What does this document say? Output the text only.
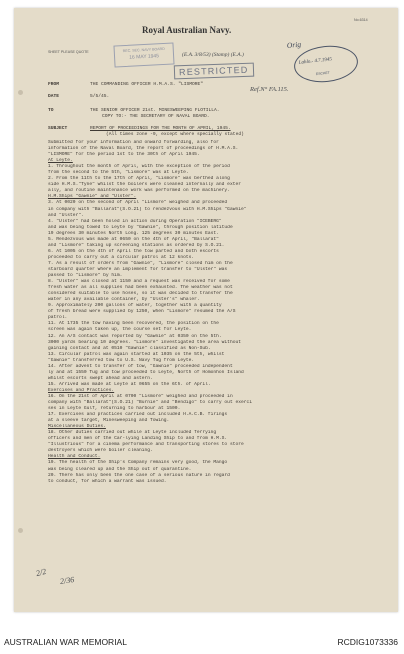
No.6314

Royal Australian Navy.

SHEET PLEASE QUOTE	REC. SEC. NAVY BOARD
16 MAY 1945
RESTRICTED

(E.A. 3/8/53) (Stamp) (E.A.)

Ref.N° FA.115.

Orig
Lahlo.- 4.7.1945
ESCHET

FROM	THE COMMANDING OFFICER H.M.A.S. "LISMORE"

DATE	5/5/45.

TO	THE SENIOR OFFICER 21st. MINESWEEPING FLOTILLA.

COPY TO:- THE SECRETARY OF NAVAL BOARD.

SUBJECT	REPORT OF PROCEEDINGS FOR THE MONTH OF APRIL, 1945.

(All times zone -9, except where specially stated)

Submitted for your information and onward forwarding, also for
information of the Naval Board, the report of proceedings of H.M.A.S.
"LISMORE" for the period 1st to the 30th of April 1945.
At Leyte.
1. Throughout the month of April, with the exception of the period
from the second to the 5th, "Lismore" was at Leyte.
2. From the 11th to the 17th of April, "Lismore" was berthed along
side H.M.S."Tyne" whilst the boilers were cleaned internally and exter
ally, and routine maintenance work was performed on the machinery.
H.M.Ships "Gawnie" and "Ulster".
3. At 0020 on the second of April "Lismore" weighed and proceeded
in company with "Ballarat"(S.O.21) to rendezvous with H.M.Ships "Gawnie"
and "Ulster".
4. "Ulster" had been holed in action during Operation "ICEBERG"
and was being towed to Leyte by "Gawnie", through position latitude
19 degrees 30 minutes North Long. 125 degrees 30 minutes East.
5. Rendezvous was made at 0650 on the 4th of April, "Ballarat"
and "Lismore" taking up screening stations as ordered by S.O.21.
6. At 1005 on the 4th of April the tow parted and both escorts
proceeded to carry out a circular patrol at 12 knots.
7. As a result of orders from "Gawnie", "Lismore" closed him on the
starboard quarter where an implement for transfer to "Ulster" was
passed to "Lismore" by him.
8. "Ulster" was closed at 1150 and a request was received for some
fresh water as all supplies had been exhausted. The weather was not
considered suitable to use hoses, so it was decided to transfer the
water in any available container, by "Ulster's" whaler.
9. Approximately 200 gallons of water, together with a quantity
of fresh bread were supplied by 1250, when "Lismore" resumed the A/S
patrol.
11. At 1735 the tow having been recovered, the position on the
screen was again taken up, the course set for Leyte.
12. An A/S contact was reported by "Gawnie" at 0350 on the 5th.
3000 yards bearing 10 degrees. "Lismore" investigated the area without
gaining contact and at 0510 "Gawnie" classified as Non-Sub.
13. Circular patrol was again started at 1035 on the 5th, whilst
"Gawnie" transferred tow to U.S. Navy Tug from Leyte.
14. After advent to transfer of tow, "Gawnie" proceeded independent
ly and at 1550 Tug and tow proceeded to Leyte, North of Homonhon Island
whilst escorts swept ahead and astern.
15. Arrived was made at Leyte at 0655 on the 6th. of April.
Exercises and Practices.
16. On the 21st of April at 0700 "Lismore" weighed and proceeded in
company with "Ballarat"(S.O.21) "Burnie" and "Bendigo" to carry out exerci
ses in Leyte Gulf, returning to harbour at 1500.
17. Exercises and practices carried out included H.A.C.B. firings
at a sleeve target, Minesweeping and Towing.
Miscellaneous Duties.
18. Other duties carried out while at Leyte included ferrying
officers and men of the Car-lying Landing Ship to and from H.M.S.
"Illustrious" for a cinema performance and transporting stores to store
destroyers which were boiler cleaning.
Health and Conduct.
19. The health of the Ship's Company remains very good, the Mango
was being cleared up and the Ship out of quarantine.
20. There has only been the one case of a serious nature in regard
to conduct, for which a warrant was issued.

2/2

2/36

AUSTRALIAN WAR MEMORIAL	RCDIG1073336
